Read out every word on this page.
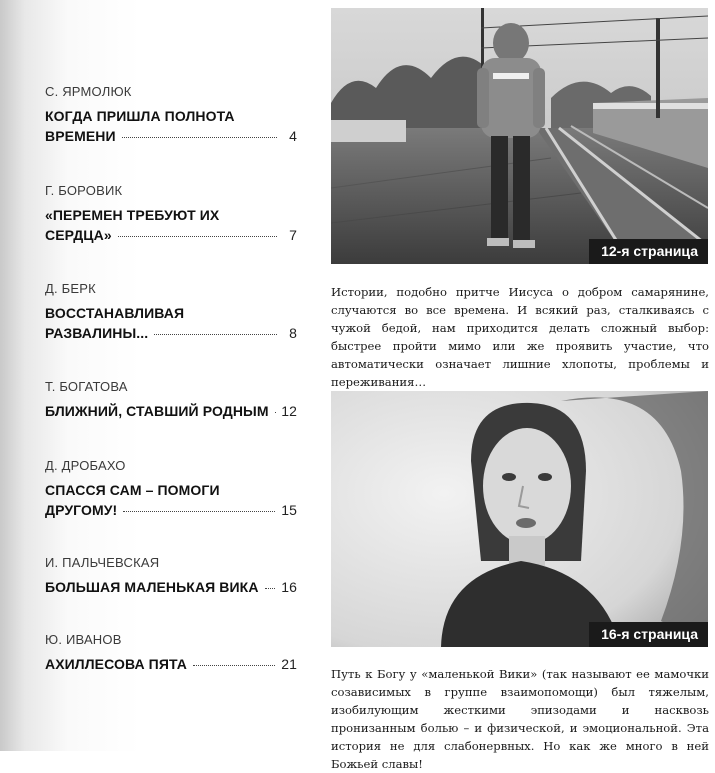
С. ЯРМОЛЮК
КОГДА ПРИШЛА ПОЛНОТА
ВРЕМЕНИ	4
Г. БОРОВИК
«ПЕРЕМЕН ТРЕБУЮТ ИХ
СЕРДЦА»	7
Д. БЕРК
ВОССТАНАВЛИВАЯ
РАЗВАЛИНЫ...	8
Т. БОГАТОВА
БЛИЖНИЙ, СТАВШИЙ РОДНЫМ 12
Д. ДРОБАХО
СПАССЯ САМ – ПОМОГИ
ДРУГОМУ!	15
И. ПАЛЬЧЕВСКАЯ
БОЛЬШАЯ МАЛЕНЬКАЯ ВИКА 16
Ю. ИВАНОВ
АХИЛЛЕСОВА ПЯТА	21
12-я страница

Истории, подобно притче Иисуса о добром самарянине, случаются во все времена. И всякий раз, сталкиваясь с чужой бедой, нам приходится делать сложный выбор: быстрее пройти мимо или же проявить участие, что автоматически означает лишние хлопоты, проблемы и переживания…

16-я страница

Путь к Богу у «маленькой Вики» (так называют ее мамочки созависимых в группе взаимопомощи) был тяжелым, изобилующим жесткими эпизодами и насквозь пронизанным болью – и физической, и эмоциональной. Эта история не для слабонервных. Но как же много в ней Божьей славы!
